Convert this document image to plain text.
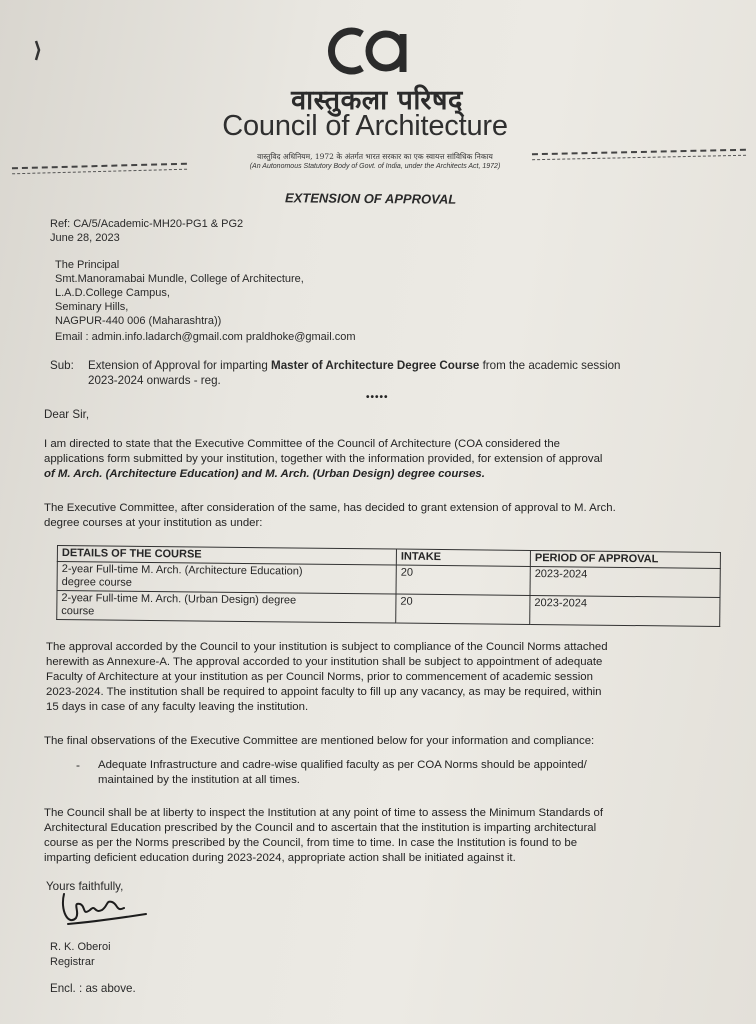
वास्तुकला परिषद्
Council of Architecture
वास्तुविद अधिनियम, 1972 के अंतर्गत भारत सरकार का एक स्वायत्त सांविधिक निकाय
(An Autonomous Statutory Body of Govt. of India, under the Architects Act, 1972)
EXTENSION OF APPROVAL
Ref: CA/5/Academic-MH20-PG1 & PG2
June 28, 2023
The Principal
Smt.Manoramabai Mundle, College of Architecture,
L.A.D.College Campus,
Seminary Hills,
NAGPUR-440 006 (Maharashtra))
Email : admin.info.ladarch@gmail.com praldhoke@gmail.com
Sub: Extension of Approval for imparting Master of Architecture Degree Course from the academic session
2023-2024 onwards - reg.
•••••
Dear Sir,
I am directed to state that the Executive Committee of the Council of Architecture (COA considered the
applications form submitted by your institution, together with the information provided, for extension of approval
of M. Arch. (Architecture Education) and M. Arch. (Urban Design) degree courses.
The Executive Committee, after consideration of the same, has decided to grant extension of approval to M. Arch.
degree courses at your institution as under:
DETAILS OF THE COURSE	INTAKE	PERIOD OF APPROVAL
2-year Full-time M. Arch. (Architecture Education)
degree course	20	2023-2024
2-year Full-time M. Arch. (Urban Design) degree
course	20	2023-2024
The approval accorded by the Council to your institution is subject to compliance of the Council Norms attached
herewith as Annexure-A. The approval accorded to your institution shall be subject to appointment of adequate
Faculty of Architecture at your institution as per Council Norms, prior to commencement of academic session
2023-2024. The institution shall be required to appoint faculty to fill up any vacancy, as may be required, within
15 days in case of any faculty leaving the institution.
The final observations of the Executive Committee are mentioned below for your information and compliance:
- Adequate Infrastructure and cadre-wise qualified faculty as per COA Norms should be appointed/
maintained by the institution at all times.
The Council shall be at liberty to inspect the Institution at any point of time to assess the Minimum Standards of
Architectural Education prescribed by the Council and to ascertain that the institution is imparting architectural
course as per the Norms prescribed by the Council, from time to time. In case the Institution is found to be
imparting deficient education during 2023-2024, appropriate action shall be initiated against it.
Yours faithfully,
R. K. Oberoi
Registrar
Encl. : as above.
